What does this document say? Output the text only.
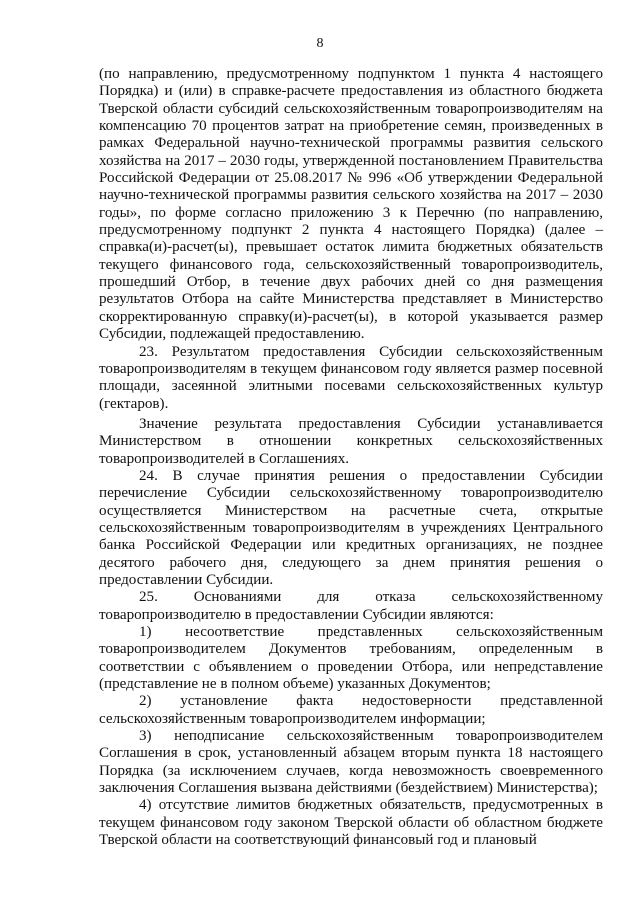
8

(по направлению, предусмотренному подпунктом 1 пункта 4 настоящего Порядка) и (или) в справке-расчете предоставления из областного бюджета Тверской области субсидий сельскохозяйственным товаропроизводителям на компенсацию 70 процентов затрат на приобретение семян, произведенных в рамках Федеральной научно-технической программы развития сельского хозяйства на 2017 – 2030 годы, утвержденной постановлением Правительства Российской Федерации от 25.08.2017 № 996 «Об утверждении Федеральной научно-технической программы развития сельского хозяйства на 2017 – 2030 годы», по форме согласно приложению 3 к Перечню (по направлению, предусмотренному подпункт 2 пункта 4 настоящего Порядка) (далее – справка(и)-расчет(ы), превышает остаток лимита бюджетных обязательств текущего финансового года, сельскохозяйственный товаропроизводитель, прошедший Отбор, в течение двух рабочих дней со дня размещения результатов Отбора на сайте Министерства представляет в Министерство скорректированную справку(и)-расчет(ы), в которой указывается размер Субсидии, подлежащей предоставлению.

23. Результатом предоставления Субсидии сельскохозяйственным товаропроизводителям в текущем финансовом году является размер посевной площади, засеянной элитными посевами сельскохозяйственных культур (гектаров).

Значение результата предоставления Субсидии устанавливается Министерством в отношении конкретных сельскохозяйственных товаропроизводителей в Соглашениях.

24. В случае принятия решения о предоставлении Субсидии перечисление Субсидии сельскохозяйственному товаропроизводителю осуществляется Министерством на расчетные счета, открытые сельскохозяйственным товаропроизводителям в учреждениях Центрального банка Российской Федерации или кредитных организациях, не позднее десятого рабочего дня, следующего за днем принятия решения о предоставлении Субсидии.

25. Основаниями для отказа сельскохозяйственному товаропроизводителю в предоставлении Субсидии являются:

1) несоответствие представленных сельскохозяйственным товаропроизводителем Документов требованиям, определенным в соответствии с объявлением о проведении Отбора, или непредставление (представление не в полном объеме) указанных Документов;

2) установление факта недостоверности представленной сельскохозяйственным товаропроизводителем информации;

3) неподписание сельскохозяйственным товаропроизводителем Соглашения в срок, установленный абзацем вторым пункта 18 настоящего Порядка (за исключением случаев, когда невозможность своевременного заключения Соглашения вызвана действиями (бездействием) Министерства);

4) отсутствие лимитов бюджетных обязательств, предусмотренных в текущем финансовом году законом Тверской области об областном бюджете Тверской области на соответствующий финансовый год и плановый
